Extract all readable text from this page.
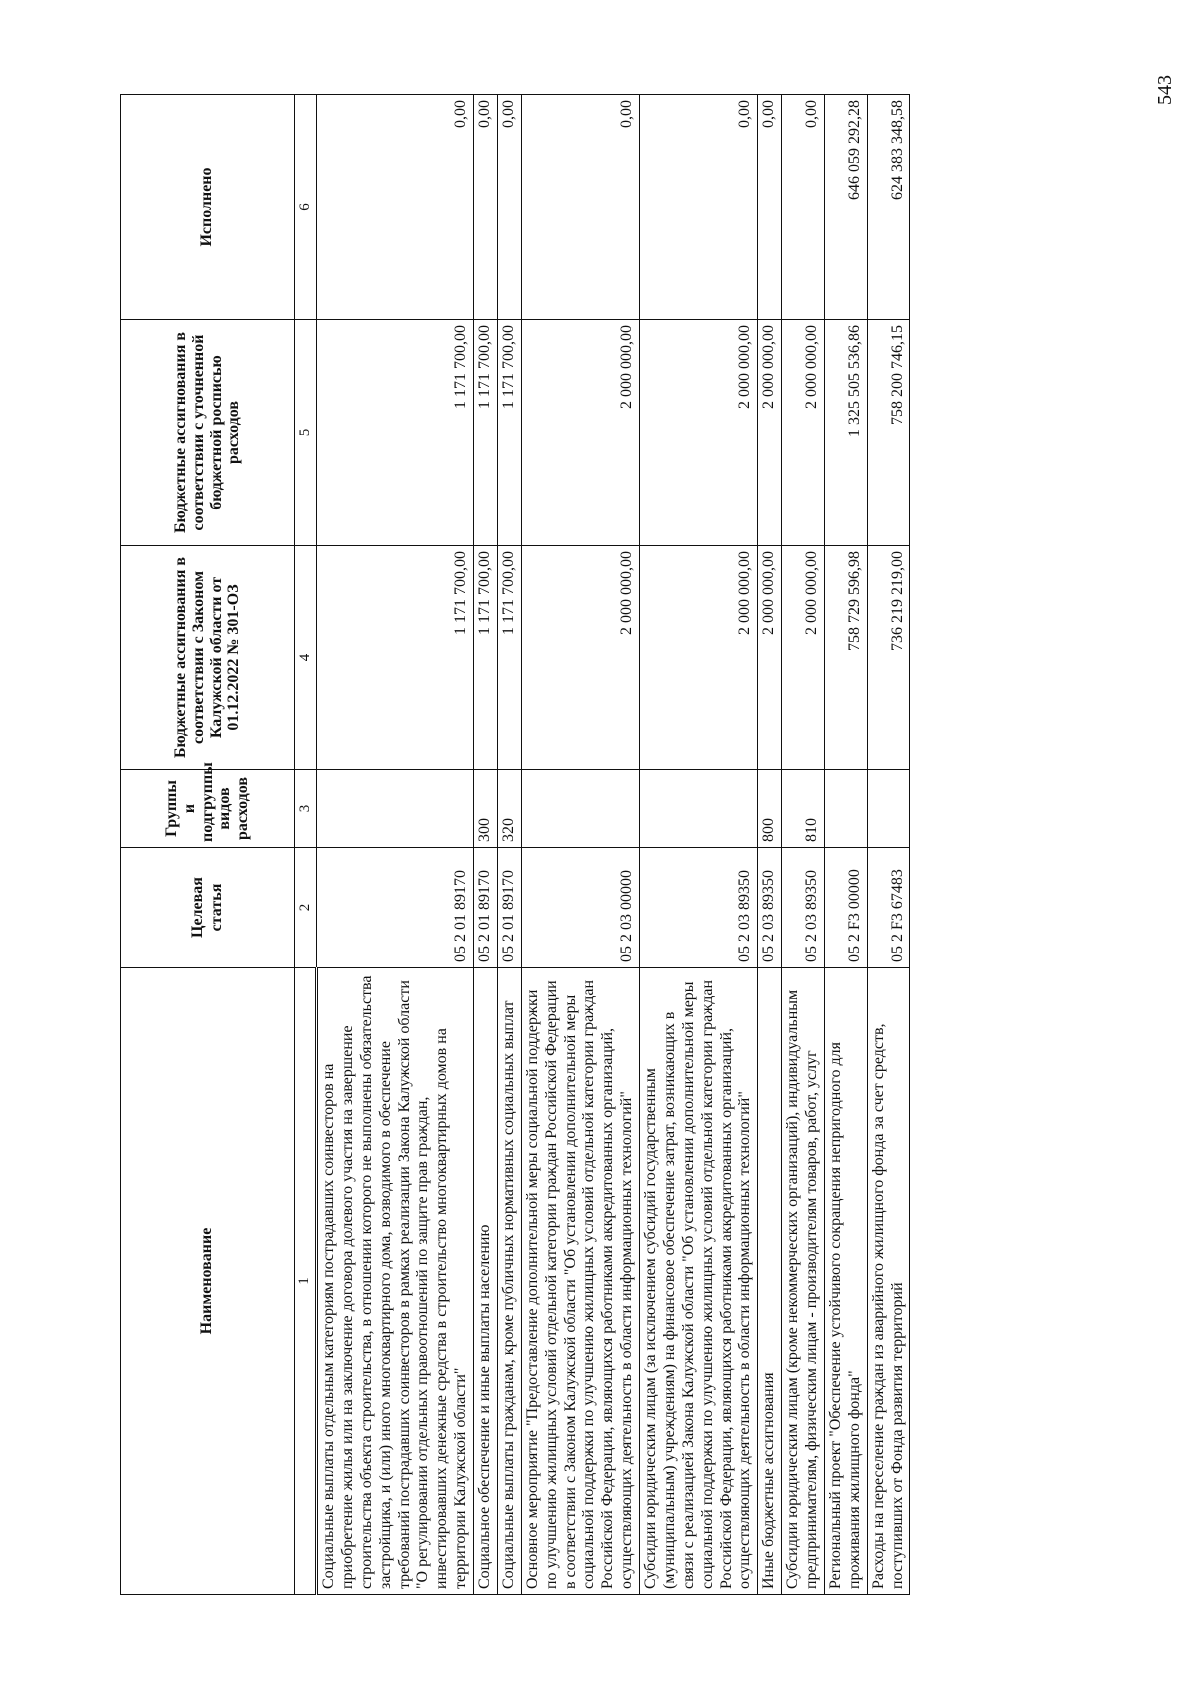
Наименование	Целевая статья	Группы и подгруппы видов расходов	Бюджетные ассигнования в соответствии с Законом Калужской области от 01.12.2022 № 301-ОЗ	Бюджетные ассигнования в соответствии с уточненной бюджетной росписью расходов	Исполнено
1	2	3	4	5	6
Социальные выплаты отдельным категориям пострадавших соинвесторов на приобретение жилья или на заключение договора долевого участия на завершение строительства объекта строительства, в отношении которого не выполнены обязательства застройщика, и (или) иного многоквартирного дома, возводимого в обеспечение требований пострадавших соинвесторов в рамках реализации Закона Калужской области "О регулировании отдельных правоотношений по защите прав граждан, инвестировавших денежные средства в строительство многоквартирных домов на территории Калужской области"	05 2 01 89170		1 171 700,00	1 171 700,00	0,00
Социальное обеспечение и иные выплаты населению	05 2 01 89170	300	1 171 700,00	1 171 700,00	0,00
Социальные выплаты гражданам, кроме публичных нормативных социальных выплат	05 2 01 89170	320	1 171 700,00	1 171 700,00	0,00
Основное мероприятие "Предоставление дополнительной меры социальной поддержки по улучшению жилищных условий отдельной категории граждан Российской Федерации в соответствии с Законом Калужской области "Об установлении дополнительной меры социальной поддержки по улучшению жилищных условий отдельной категории граждан Российской Федерации, являющихся работниками аккредитованных организаций, осуществляющих деятельность в области информационных технологий"	05 2 03 00000		2 000 000,00	2 000 000,00	0,00
Субсидии юридическим лицам (за исключением субсидий государственным (муниципальным) учреждениям) на финансовое обеспечение затрат, возникающих в связи с реализацией Закона Калужской области "Об установлении дополнительной меры социальной поддержки по улучшению жилищных условий отдельной категории граждан Российской Федерации, являющихся работниками аккредитованных организаций, осуществляющих деятельность в области информационных технологий"	05 2 03 89350		2 000 000,00	2 000 000,00	0,00
Иные бюджетные ассигнования	05 2 03 89350	800	2 000 000,00	2 000 000,00	0,00
Субсидии юридическим лицам (кроме некоммерческих организаций), индивидуальным предпринимателям, физическим лицам - производителям товаров, работ, услуг	05 2 03 89350	810	2 000 000,00	2 000 000,00	0,00
Региональный проект "Обеспечение устойчивого сокращения непригодного для проживания жилищного фонда"	05 2 F3 00000		758 729 596,98	1 325 505 536,86	646 059 292,28
Расходы на переселение граждан из аварийного жилищного фонда за счет средств, поступивших от Фонда развития территорий	05 2 F3 67483		736 219 219,00	758 200 746,15	624 383 348,58
543
